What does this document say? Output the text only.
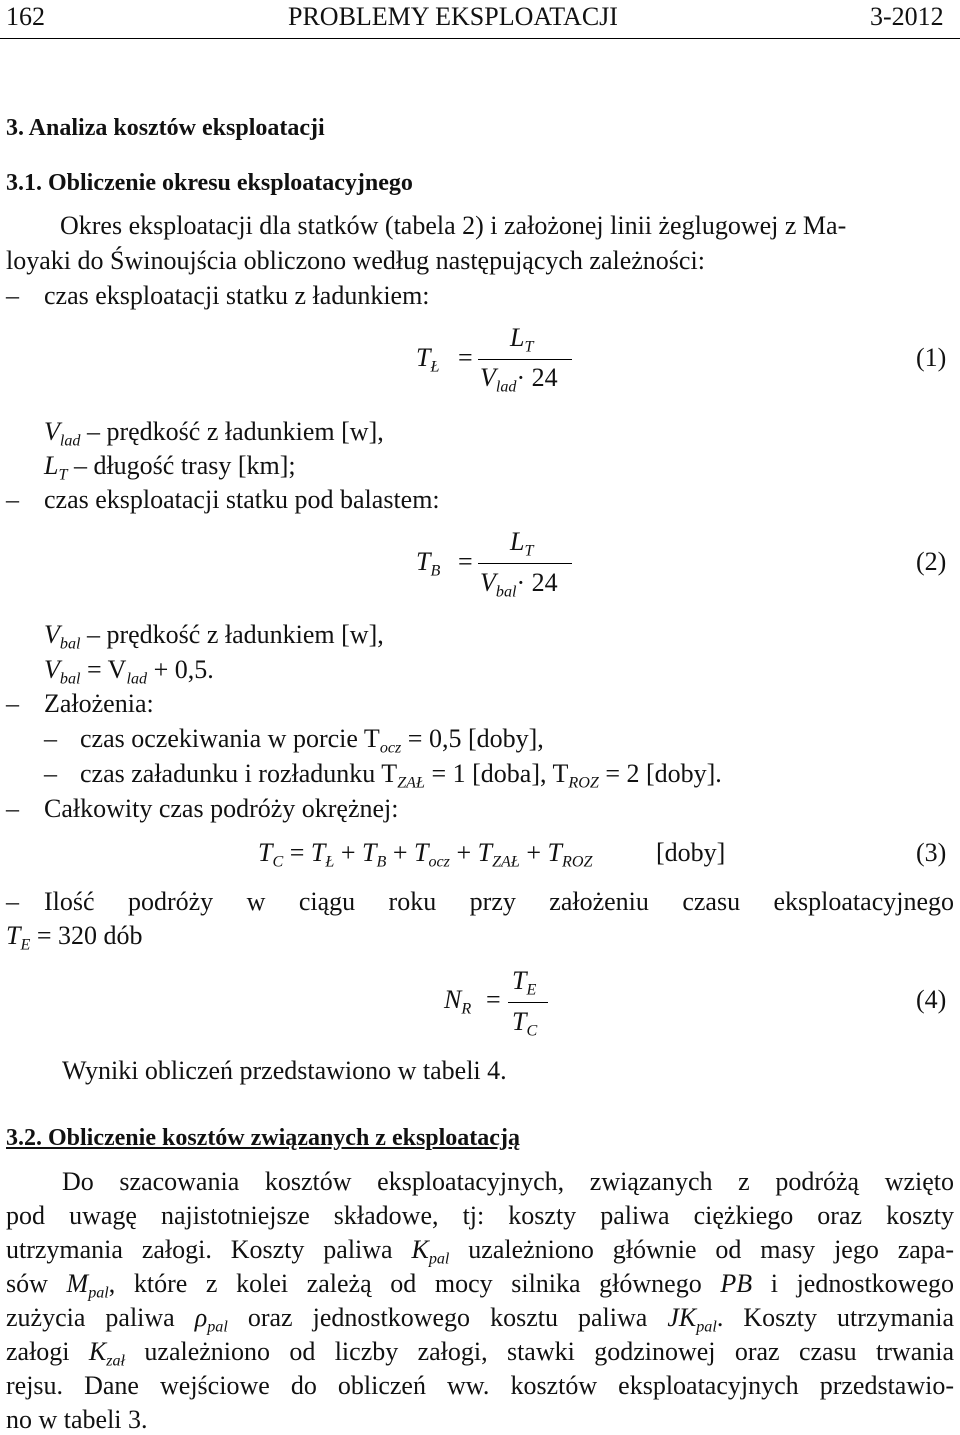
162	PROBLEMY EKSPLOATACJI	3-2012
3. Analiza kosztów eksploatacji
3.1. Obliczenie okresu eksploatacyjnego
Okres eksploatacji dla statków (tabela 2) i założonej linii żeglugowej z Ma-
loyaki do Świnoujścia obliczono według następujących zależności:
– czas eksploatacji statku z ładunkiem:
$T_Ł$ =
$L_T$
$V_{lad}\cdot 24$
(1)
$V_{lad}$ – prędkość z ładunkiem [w],
$L_T$ – długość trasy [km];
– czas eksploatacji statku pod balastem:
$T_B$ =
$L_T$
$V_{bal}\cdot 24$
(2)
$V_{bal}$ – prędkość z ładunkiem [w],
$V_{bal} = V_{lad} + 0,5$.
– Założenia:
– czas oczekiwania w porcie $T_{ocz} = 0,5$ [doby],
– czas załadunku i rozładunku $T_{ZAŁ} = 1$ [doba], $T_{ROZ} = 2$ [doby].
– Całkowity czas podróży okrężnej:
$T_C = T_Ł + T_B + T_{ocz} + T_{ZAŁ} + T_{ROZ}$ [doby]	(3)
– Ilość podróży w ciągu roku przy założeniu czasu eksploatacyjnego
$T_E = 320$ dób
$N_R$ =
$T_E$
$T_C$
(4)
Wyniki obliczeń przedstawiono w tabeli 4.
3.2. Obliczenie kosztów związanych z eksploatacją
Do szacowania kosztów eksploatacyjnych, związanych z podróżą wzięto
pod uwagę najistotniejsze składowe, tj: koszty paliwa ciężkiego oraz koszty
utrzymania załogi. Koszty paliwa $K_{pal}$ uzależniono głównie od masy jego zapa-
sów $M_{pal}$, które z kolei zależą od mocy silnika głównego PB i jednostkowego
zużycia paliwa $\rho_{pal}$ oraz jednostkowego kosztu paliwa $JK_{pal}$. Koszty utrzymania
załogi $K_{zał}$ uzależniono od liczby załogi, stawki godzinowej oraz czasu trwania
rejsu. Dane wejściowe do obliczeń ww. kosztów eksploatacyjnych przedstawio-
no w tabeli 3.
